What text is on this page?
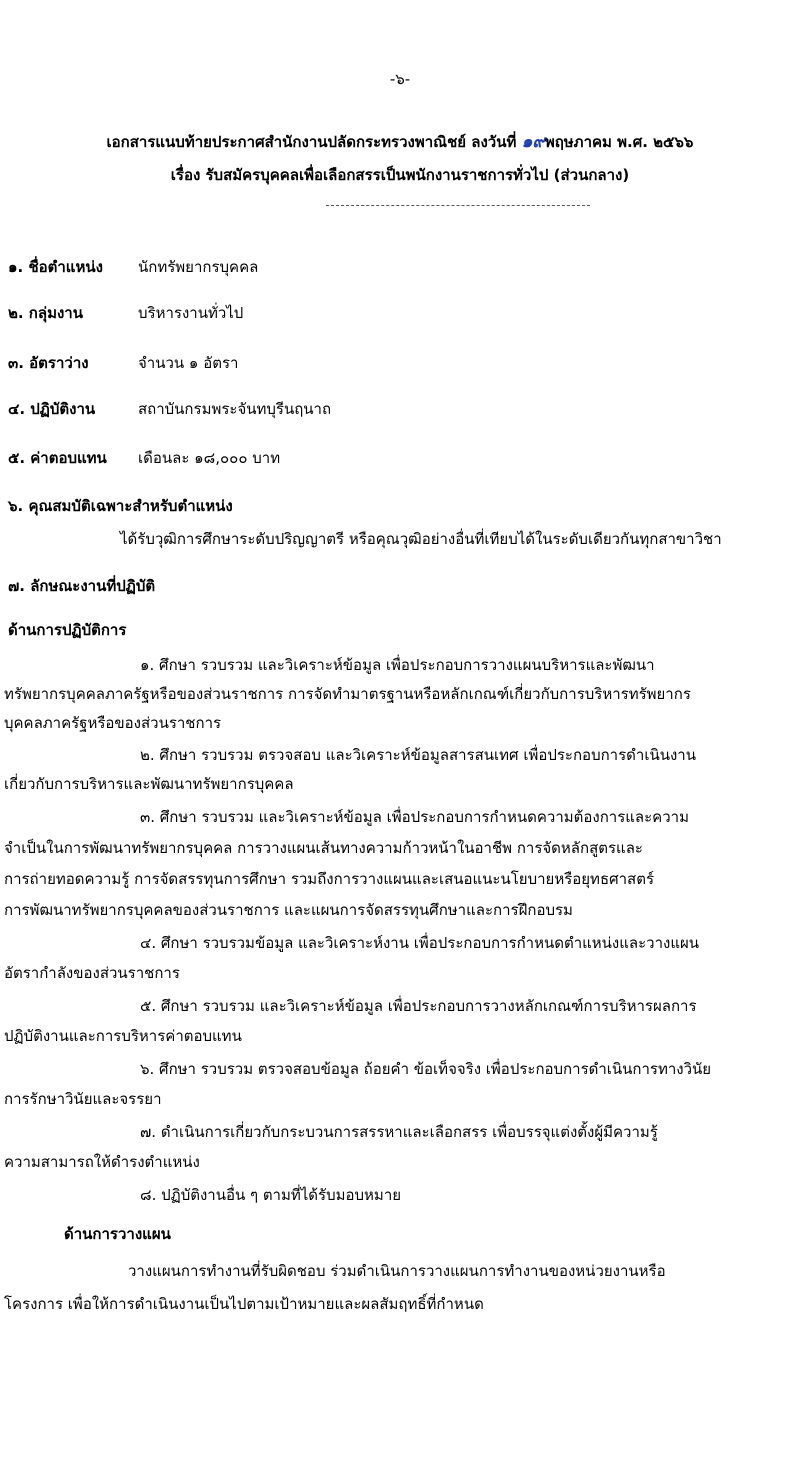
-๖-
เอกสารแนบท้ายประกาศสำนักงานปลัดกระทรวงพาณิชย์ ลงวันที่ ๑๙พฤษภาคม พ.ศ. ๒๕๖๖
เรื่อง รับสมัครบุคคลเพื่อเลือกสรรเป็นพนักงานราชการทั่วไป (ส่วนกลาง)
๑. ชื่อตำแหน่ง นักทรัพยากรบุคคล
๒. กลุ่มงาน	บริหารงานทั่วไป
๓. อัตราว่าง	จำนวน ๑ อัตรา
๔. ปฏิบัติงาน	สถาบันกรมพระจันทบุรีนฤนาถ
๕. ค่าตอบแทน เดือนละ ๑๘,๐๐๐ บาท
๖. คุณสมบัติเฉพาะสำหรับตำแหน่ง
ได้รับวุฒิการศึกษาระดับปริญญาตรี หรือคุณวุฒิอย่างอื่นที่เทียบได้ในระดับเดียวกันทุกสาขาวิชา
๗. ลักษณะงานที่ปฏิบัติ
ด้านการปฏิบัติการ
๑. ศึกษา รวบรวม และวิเคราะห์ข้อมูล เพื่อประกอบการวางแผนบริหารและพัฒนา
ทรัพยากรบุคคลภาครัฐหรือของส่วนราชการ การจัดทำมาตรฐานหรือหลักเกณฑ์เกี่ยวกับการบริหารทรัพยากร
บุคคลภาครัฐหรือของส่วนราชการ
๒. ศึกษา รวบรวม ตรวจสอบ และวิเคราะห์ข้อมูลสารสนเทศ เพื่อประกอบการดำเนินงาน
เกี่ยวกับการบริหารและพัฒนาทรัพยากรบุคคล
๓. ศึกษา รวบรวม และวิเคราะห์ข้อมูล เพื่อประกอบการกำหนดความต้องการและความ
จำเป็นในการพัฒนาทรัพยากรบุคคล การวางแผนเส้นทางความก้าวหน้าในอาชีพ การจัดหลักสูตรและ
การถ่ายทอดความรู้ การจัดสรรทุนการศึกษา รวมถึงการวางแผนและเสนอแนะนโยบายหรือยุทธศาสตร์
การพัฒนาทรัพยากรบุคคลของส่วนราชการ และแผนการจัดสรรทุนศึกษาและการฝึกอบรม
๔. ศึกษา รวบรวมข้อมูล และวิเคราะห์งาน เพื่อประกอบการกำหนดตำแหน่งและวางแผน
อัตรากำลังของส่วนราชการ
๕. ศึกษา รวบรวม และวิเคราะห์ข้อมูล เพื่อประกอบการวางหลักเกณฑ์การบริหารผลการ
ปฏิบัติงานและการบริหารค่าตอบแทน
๖. ศึกษา รวบรวม ตรวจสอบข้อมูล ถ้อยคำ ข้อเท็จจริง เพื่อประกอบการดำเนินการทางวินัย
การรักษาวินัยและจรรยา
๗. ดำเนินการเกี่ยวกับกระบวนการสรรหาและเลือกสรร เพื่อบรรจุแต่งตั้งผู้มีความรู้
ความสามารถให้ดำรงตำแหน่ง
๘. ปฏิบัติงานอื่น ๆ ตามที่ได้รับมอบหมาย
ด้านการวางแผน
วางแผนการทำงานที่รับผิดชอบ ร่วมดำเนินการวางแผนการทำงานของหน่วยงานหรือ
โครงการ เพื่อให้การดำเนินงานเป็นไปตามเป้าหมายและผลสัมฤทธิ์ที่กำหนด
